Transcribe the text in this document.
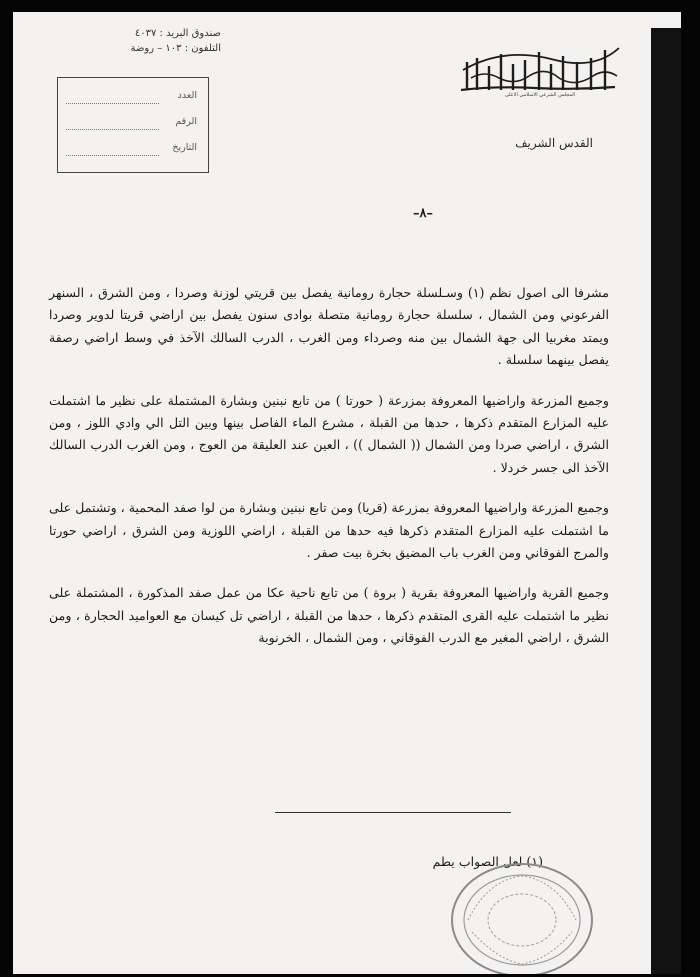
صندوق البريد : ٤٠٣٧
التلفون : ١٠٣ – روضة
العدد
الرقم
التاريخ
المجلس الشرعي الاسلامي الاعلى
القدس الشريف
–٨–

مشرفا الى اصول نظم (١) وسـلسلة حجارة رومانية يفصل بين قريتي لوزنة وصردا ، ومن الشرق ، السنهر الفرعوني ومن الشمال ، سلسلة حجارة رومانية متصلة بوادى سنون يفصل بين اراضي قريتا لدوير وصردا ويمتد مغربيا الى جهة الشمال بين منه وصرداء ومن الغرب ، الدرب السالك الآخذ في وسط اراضي رصفة يفصل بينهما سلسلة .

وجميع المزرعة واراضيها المعروفة بمزرعة ( حورتا ) من تابع نبنين وبشارة المشتملة على نظير ما اشتملت عليه المزارع المتقدم ذكرها ، حدها من القبلة ، مشرع الماء الفاصل بينها وبين التل الي وادي اللوز ، ومن الشرق ، اراضي صردا ومن الشمال (( الشمال )) ، العين عند العليقة من العوج ، ومن الغرب الدرب السالك الآخذ الى جسر خردلا .

وجميع المزرعة واراضيها المعروفة بمزرعة (قريا) ومن تابع نبنين وبشارة من لوا صفد المحمية ، وتشتمل على ما اشتملت عليه المزارع المتقدم ذكرها فيه حدها من القبلة ، اراضي اللوزية ومن الشرق ، اراضي حورتا والمرج الفوقاني ومن الغرب باب المضيق بخرة بيت صفر .

وجميع القرية واراضيها المعروفة بقرية ( بروة ) من تابع ناحية عكا من عمل صفد المذكورة ، المشتملة على نظير ما اشتملت عليه القرى المتقدم ذكرها ، حدها من القبلة ، اراضي تل كيسان مع العواميد الحجارة ، ومن الشرق ، اراضي المغير مع الدرب الفوقاني ، ومن الشمال ، الخرنوبة

(١) لعل الصواب يطم
